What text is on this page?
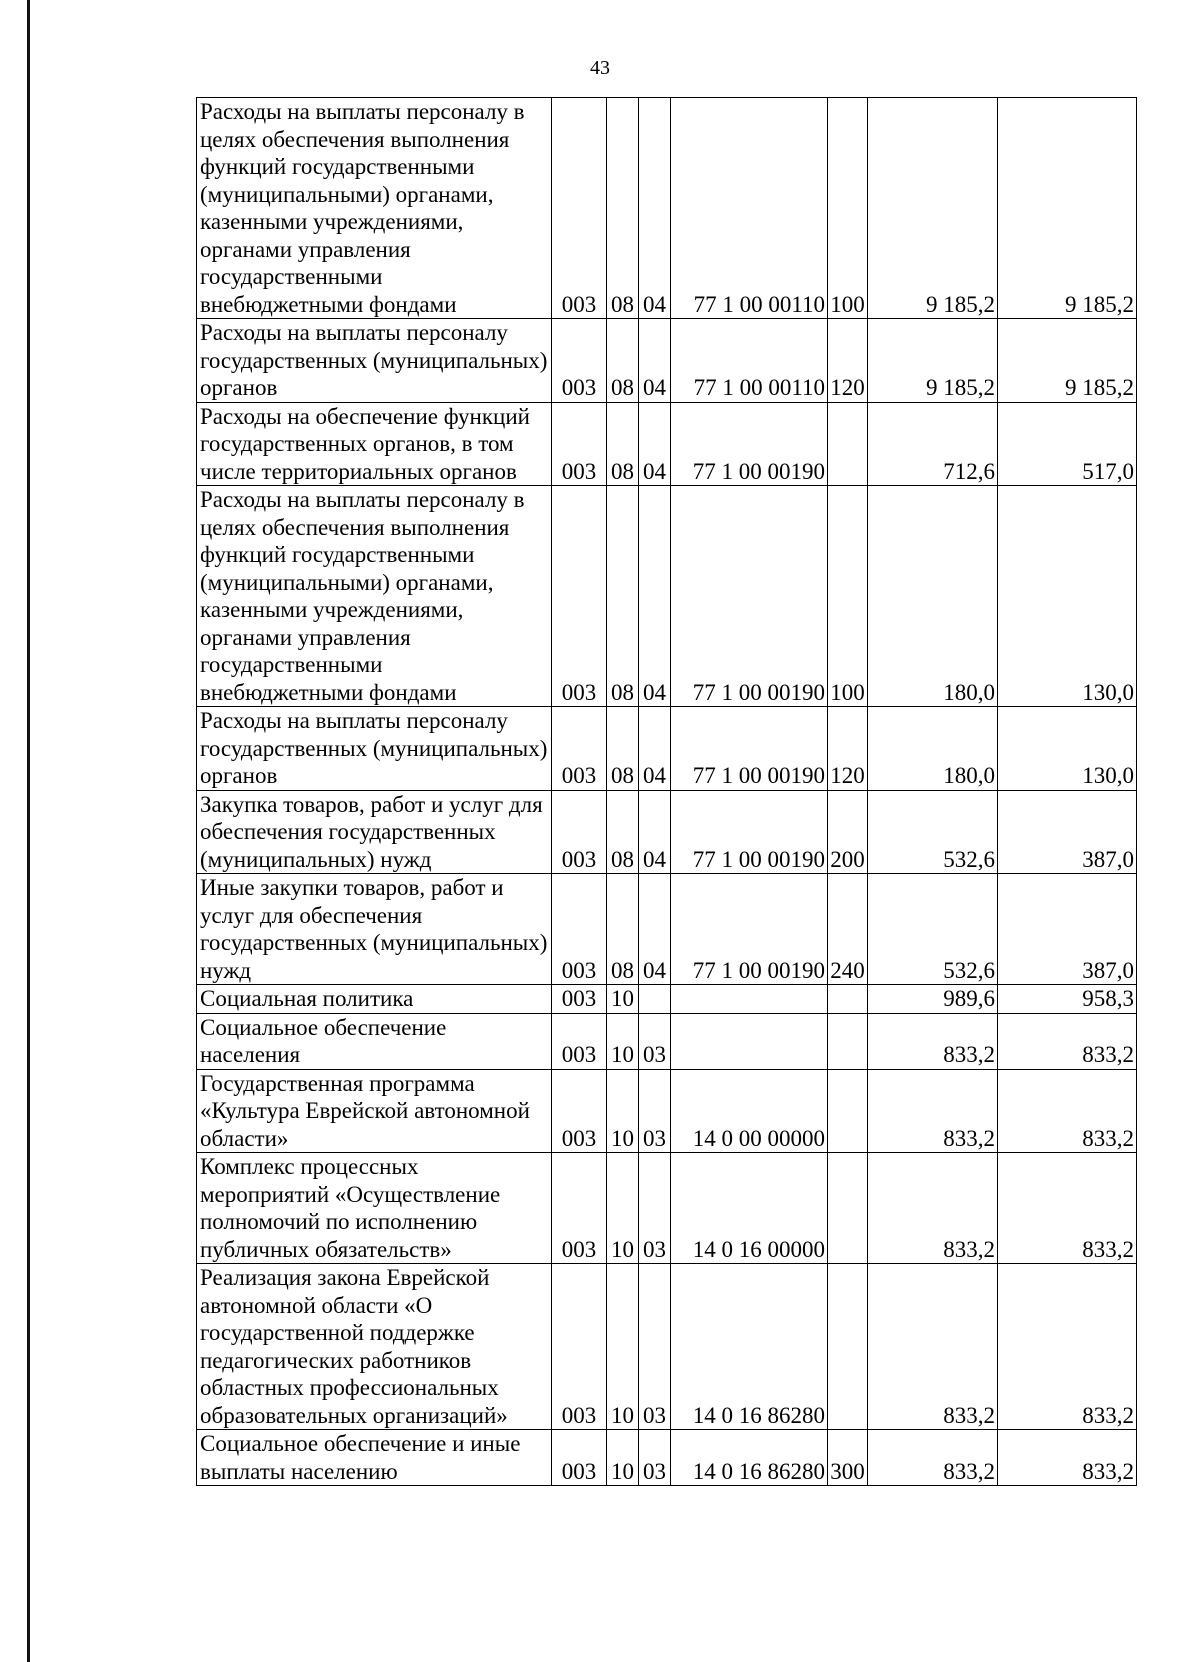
43
Расходы на выплаты персоналу в целях обеспечения выполнения функций государственными (муниципальными) органами, казенными учреждениями, органами управления государственными внебюджетными фондами	003	08	04	77 1 00 00110	100	9 185,2	9 185,2
Расходы на выплаты персоналу государственных (муниципальных) органов	003	08	04	77 1 00 00110	120	9 185,2	9 185,2
Расходы на обеспечение функций государственных органов, в том числе территориальных органов	003	08	04	77 1 00 00190		712,6	517,0
Расходы на выплаты персоналу в целях обеспечения выполнения функций государственными (муниципальными) органами, казенными учреждениями, органами управления государственными внебюджетными фондами	003	08	04	77 1 00 00190	100	180,0	130,0
Расходы на выплаты персоналу государственных (муниципальных) органов	003	08	04	77 1 00 00190	120	180,0	130,0
Закупка товаров, работ и услуг для обеспечения государственных (муниципальных) нужд	003	08	04	77 1 00 00190	200	532,6	387,0
Иные закупки товаров, работ и услуг для обеспечения государственных (муниципальных) нужд	003	08	04	77 1 00 00190	240	532,6	387,0
Социальная политика	003	10				989,6	958,3
Социальное обеспечение населения	003	10	03			833,2	833,2
Государственная программа «Культура Еврейской автономной области»	003	10	03	14 0 00 00000		833,2	833,2
Комплекс процессных мероприятий «Осуществление полномочий по исполнению публичных обязательств»	003	10	03	14 0 16 00000		833,2	833,2
Реализация закона Еврейской автономной области «О государственной поддержке педагогических работников областных профессиональных образовательных организаций»	003	10	03	14 0 16 86280		833,2	833,2
Социальное обеспечение и иные выплаты населению	003	10	03	14 0 16 86280	300	833,2	833,2
